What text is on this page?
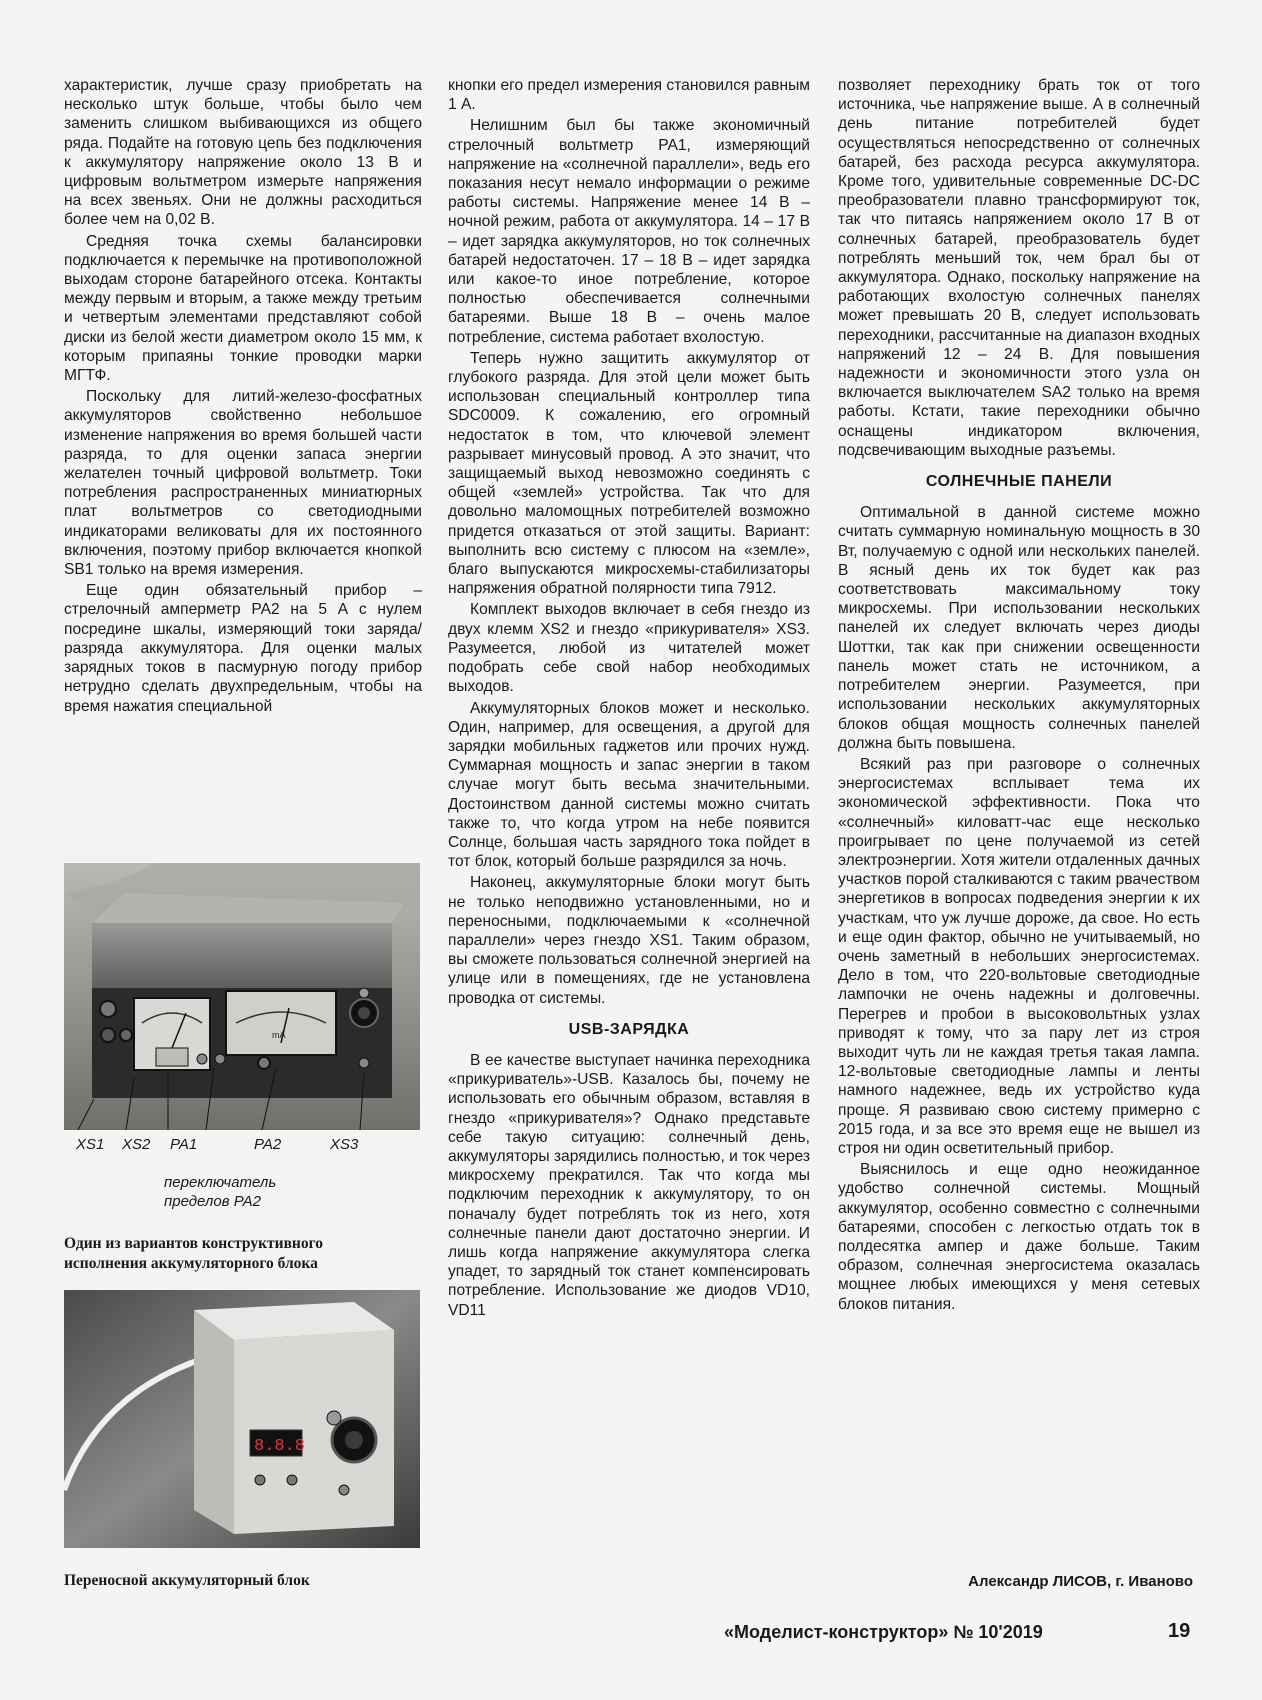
характеристик, лучше сразу приобретать на несколько штук больше, чтобы было чем заменить слишком выбивающихся из общего ряда. Подайте на готовую цепь без подключения к аккумулятору напряжение около 13 В и цифровым вольтметром измерьте напряжения на всех звеньях. Они не должны расходиться более чем на 0,02 В.

Средняя точка схемы балансировки подключается к перемычке на противоположной выходам стороне батарейного отсека. Контакты между первым и вторым, а также между третьим и четвертым элементами представляют собой диски из белой жести диаметром около 15 мм, к которым припаяны тонкие проводки марки МГТФ.

Поскольку для литий-железо-фосфатных аккумуляторов свойственно небольшое изменение напряжения во время большей части разряда, то для оценки запаса энергии желателен точный цифровой вольтметр. Токи потребления распространенных миниатюрных плат вольтметров со светодиодными индикаторами великоваты для их постоянного включения, поэтому прибор включается кнопкой SB1 только на время измерения.

Еще один обязательный прибор – стрелочный амперметр PA2 на 5 А с нулем посредине шкалы, измеряющий токи заряда/разряда аккумулятора. Для оценки малых зарядных токов в пасмурную погоду прибор нетрудно сделать двухпредельным, чтобы на время нажатия специальной

mA
XS1 XS2 PA1	PA2	XS3
переключатель
пределов PA2
Один из вариантов конструктивного
исполнения аккумуляторного блока
8.8.8
Переносной аккумуляторный блок

кнопки его предел измерения становился равным 1 А.

Нелишним был бы также экономичный стрелочный вольтметр PA1, измеряющий напряжение на «солнечной параллели», ведь его показания несут немало информации о режиме работы системы. Напряжение менее 14 В – ночной режим, работа от аккумулятора. 14 – 17 В – идет зарядка аккумуляторов, но ток солнечных батарей недостаточен. 17 – 18 В – идет зарядка или какое-то иное потребление, которое полностью обеспечивается солнечными батареями. Выше 18 В – очень малое потребление, система работает вхолостую.

Теперь нужно защитить аккумулятор от глубокого разряда. Для этой цели может быть использован специальный контроллер типа SDC0009. К сожалению, его огромный недостаток в том, что ключевой элемент разрывает минусовый провод. А это значит, что защищаемый выход невозможно соединять с общей «землей» устройства. Так что для довольно маломощных потребителей возможно придется отказаться от этой защиты. Вариант: выполнить всю систему с плюсом на «земле», благо выпускаются микросхемы-стабилизаторы напряжения обратной полярности типа 7912.

Комплект выходов включает в себя гнездо из двух клемм XS2 и гнездо «прикуривателя» XS3. Разумеется, любой из читателей может подобрать себе свой набор необходимых выходов.

Аккумуляторных блоков может и несколько. Один, например, для освещения, а другой для зарядки мобильных гаджетов или прочих нужд. Суммарная мощность и запас энергии в таком случае могут быть весьма значительными. Достоинством данной системы можно считать также то, что когда утром на небе появится Солнце, большая часть зарядного тока пойдет в тот блок, который больше разрядился за ночь.

Наконец, аккумуляторные блоки могут быть не только неподвижно установленными, но и переносными, подключаемыми к «солнечной параллели» через гнездо XS1. Таким образом, вы сможете пользоваться солнечной энергией на улице или в помещениях, где не установлена проводка от системы.

USB-ЗАРЯДКА

В ее качестве выступает начинка переходника «прикуриватель»-USB. Казалось бы, почему не использовать его обычным образом, вставляя в гнездо «прикуривателя»? Однако представьте себе такую ситуацию: солнечный день, аккумуляторы зарядились полностью, и ток через микросхему прекратился. Так что когда мы подключим переходник к аккумулятору, то он поначалу будет потреблять ток из него, хотя солнечные панели дают достаточно энергии. И лишь когда напряжение аккумулятора слегка упадет, то зарядный ток станет компенсировать потребление. Использование же диодов VD10, VD11

позволяет переходнику брать ток от того источника, чье напряжение выше. А в солнечный день питание потребителей будет осуществляться непосредственно от солнечных батарей, без расхода ресурса аккумулятора. Кроме того, удивительные современные DC-DC преобразователи плавно трансформируют ток, так что питаясь напряжением около 17 В от солнечных батарей, преобразователь будет потреблять меньший ток, чем брал бы от аккумулятора. Однако, поскольку напряжение на работающих вхолостую солнечных панелях может превышать 20 В, следует использовать переходники, рассчитанные на диапазон входных напряжений 12 – 24 В. Для повышения надежности и экономичности этого узла он включается выключателем SA2 только на время работы. Кстати, такие переходники обычно оснащены индикатором включения, подсвечивающим выходные разъемы.

СОЛНЕЧНЫЕ ПАНЕЛИ

Оптимальной в данной системе можно считать суммарную номинальную мощность в 30 Вт, получаемую с одной или нескольких панелей. В ясный день их ток будет как раз соответствовать максимальному току микросхемы. При использовании нескольких панелей их следует включать через диоды Шоттки, так как при снижении освещенности панель может стать не источником, а потребителем энергии. Разумеется, при использовании нескольких аккумуляторных блоков общая мощность солнечных панелей должна быть повышена.

Всякий раз при разговоре о солнечных энергосистемах всплывает тема их экономической эффективности. Пока что «солнечный» киловатт-час еще несколько проигрывает по цене получаемой из сетей электроэнергии. Хотя жители отдаленных дачных участков порой сталкиваются с таким рвачеством энергетиков в вопросах подведения энергии к их участкам, что уж лучше дороже, да свое. Но есть и еще один фактор, обычно не учитываемый, но очень заметный в небольших энергосистемах. Дело в том, что 220-вольтовые светодиодные лампочки не очень надежны и долговечны. Перегрев и пробои в высоковольтных узлах приводят к тому, что за пару лет из строя выходит чуть ли не каждая третья такая лампа. 12-вольтовые светодиодные лампы и ленты намного надежнее, ведь их устройство куда проще. Я развиваю свою систему примерно с 2015 года, и за все это время еще не вышел из строя ни один осветительный прибор.

Выяснилось и еще одно неожиданное удобство солнечной системы. Мощный аккумулятор, особенно совместно с солнечными батареями, способен с легкостью отдать ток в полдесятка ампер и даже больше. Таким образом, солнечная энергосистема оказалась мощнее любых имеющихся у меня сетевых блоков питания.

Александр ЛИСОВ, г. Иваново
«Моделист-конструктор» № 10'2019	19
